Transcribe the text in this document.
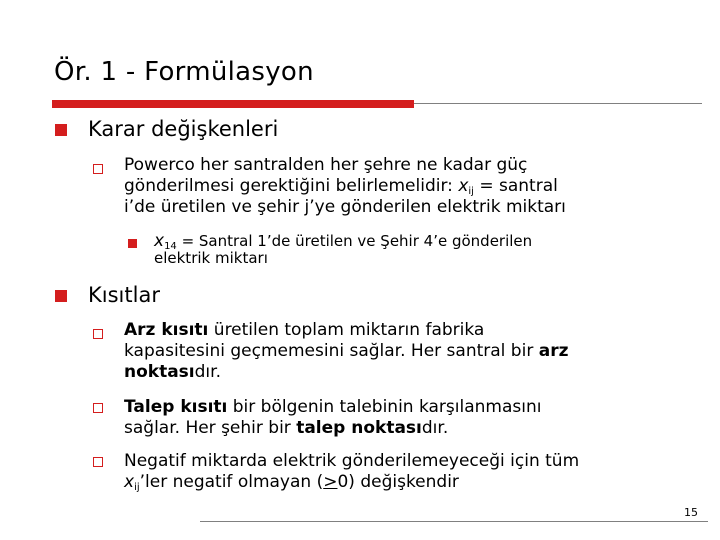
Ör. 1 - Formülasyon
Karar değişkenleri
Powerco her santralden her şehre ne kadar güç
gönderilmesi gerektiğini belirlemelidir: $x_{ij}$ = santral
i’de üretilen ve şehir j’ye gönderilen elektrik miktarı
$x_{14}$ = Santral 1’de üretilen ve Şehir 4’e gönderilen
elektrik miktarı
Kısıtlar
Arz kısıtı üretilen toplam miktarın fabrika
kapasitesini geçmemesini sağlar. Her santral bir arz
noktasıdır.
Talep kısıtı bir bölgenin talebinin karşılanmasını
sağlar. Her şehir bir talep noktasıdır.
Negatif miktarda elektrik gönderilemeyeceği için tüm
$x_{ij}’ler$ negatif olmayan (≥0) değişkendir
15
